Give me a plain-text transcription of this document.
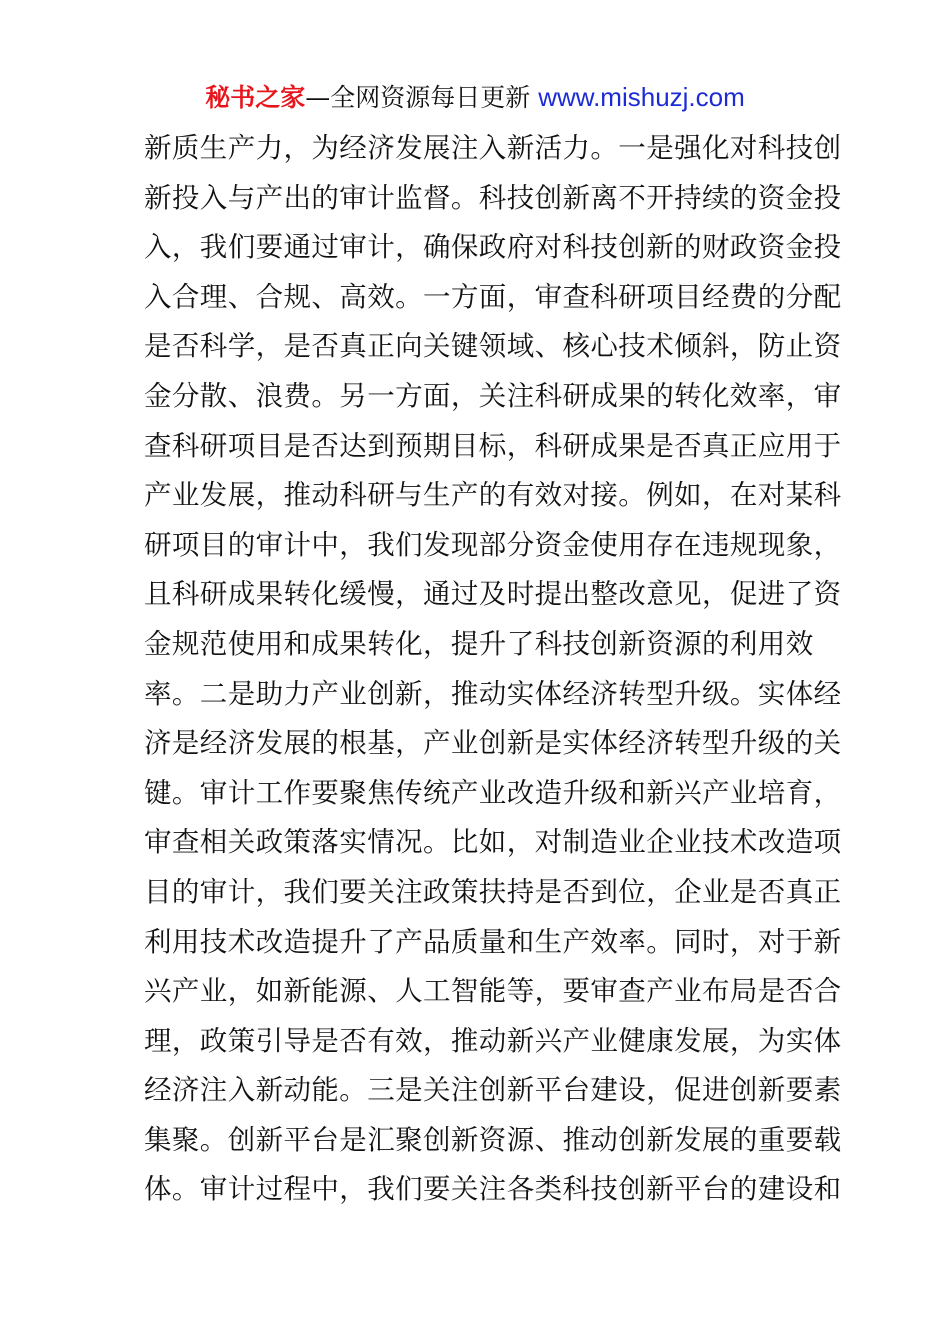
秘书之家—全网资源每日更新 www.mishuzj.com
新质生产力，为经济发展注入新活力。一是强化对科技创
新投入与产出的审计监督。科技创新离不开持续的资金投
入，我们要通过审计，确保政府对科技创新的财政资金投
入合理、合规、高效。一方面，审查科研项目经费的分配
是否科学，是否真正向关键领域、核心技术倾斜，防止资
金分散、浪费。另一方面，关注科研成果的转化效率，审
查科研项目是否达到预期目标，科研成果是否真正应用于
产业发展，推动科研与生产的有效对接。例如，在对某科
研项目的审计中，我们发现部分资金使用存在违规现象，
且科研成果转化缓慢，通过及时提出整改意见，促进了资
金规范使用和成果转化，提升了科技创新资源的利用效
率。二是助力产业创新，推动实体经济转型升级。实体经
济是经济发展的根基，产业创新是实体经济转型升级的关
键。审计工作要聚焦传统产业改造升级和新兴产业培育，
审查相关政策落实情况。比如，对制造业企业技术改造项
目的审计，我们要关注政策扶持是否到位，企业是否真正
利用技术改造提升了产品质量和生产效率。同时，对于新
兴产业，如新能源、人工智能等，要审查产业布局是否合
理，政策引导是否有效，推动新兴产业健康发展，为实体
经济注入新动能。三是关注创新平台建设，促进创新要素
集聚。创新平台是汇聚创新资源、推动创新发展的重要载
体。审计过程中，我们要关注各类科技创新平台的建设和
